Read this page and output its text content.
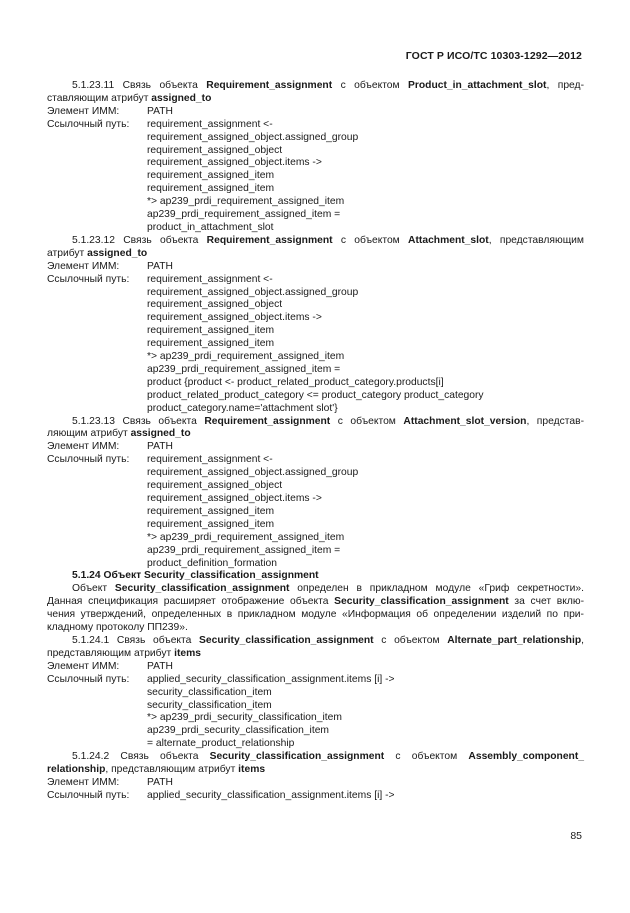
ГОСТ Р ИСО/ТС 10303-1292—2012
5.1.23.11 Связь объекта Requirement_assignment с объектом Product_in_attachment_slot, пред-
ставляющим атрибут assigned_to
Элемент ИММ:	PATH
Ссылочный путь:	requirement_assignment <-
requirement_assigned_object.assigned_group
requirement_assigned_object
requirement_assigned_object.items ->
requirement_assigned_item
requirement_assigned_item
*> ap239_prdi_requirement_assigned_item
ap239_prdi_requirement_assigned_item =
product_in_attachment_slot
5.1.23.12 Связь объекта Requirement_assignment с объектом Attachment_slot, представляющим
атрибут assigned_to
Элемент ИММ:	PATH
Ссылочный путь:	requirement_assignment <-
requirement_assigned_object.assigned_group
requirement_assigned_object
requirement_assigned_object.items ->
requirement_assigned_item
requirement_assigned_item
*> ap239_prdi_requirement_assigned_item
ap239_prdi_requirement_assigned_item =
product {product <- product_related_product_category.products[i]
product_related_product_category <= product_category product_category
product_category.name='attachment slot'}
5.1.23.13 Связь объекта Requirement_assignment с объектом Attachment_slot_version, представ-
ляющим атрибут assigned_to
Элемент ИММ:	PATH
Ссылочный путь:	requirement_assignment <-
requirement_assigned_object.assigned_group
requirement_assigned_object
requirement_assigned_object.items ->
requirement_assigned_item
requirement_assigned_item
*> ap239_prdi_requirement_assigned_item
ap239_prdi_requirement_assigned_item =
product_definition_formation
5.1.24 Объект Security_classification_assignment
Объект Security_classification_assignment определен в прикладном модуле «Гриф секретности».
Данная спецификация расширяет отображение объекта Security_classification_assignment за счет вклю-
чения утверждений, определенных в прикладном модуле «Информация об определении изделий по при-
кладному протоколу ПП239».
5.1.24.1 Связь объекта Security_classification_assignment с объектом Alternate_part_relationship,
представляющим атрибут items
Элемент ИММ:	PATH
Ссылочный путь:	applied_security_classification_assignment.items [i] ->
security_classification_item
security_classification_item
*> ap239_prdi_security_classification_item
ap239_prdi_security_classification_item
= alternate_product_relationship
5.1.24.2 Связь объекта Security_classification_assignment с объектом Assembly_component_
relationship, представляющим атрибут items
Элемент ИММ:	PATH
Ссылочный путь:	applied_security_classification_assignment.items [i] ->
85
